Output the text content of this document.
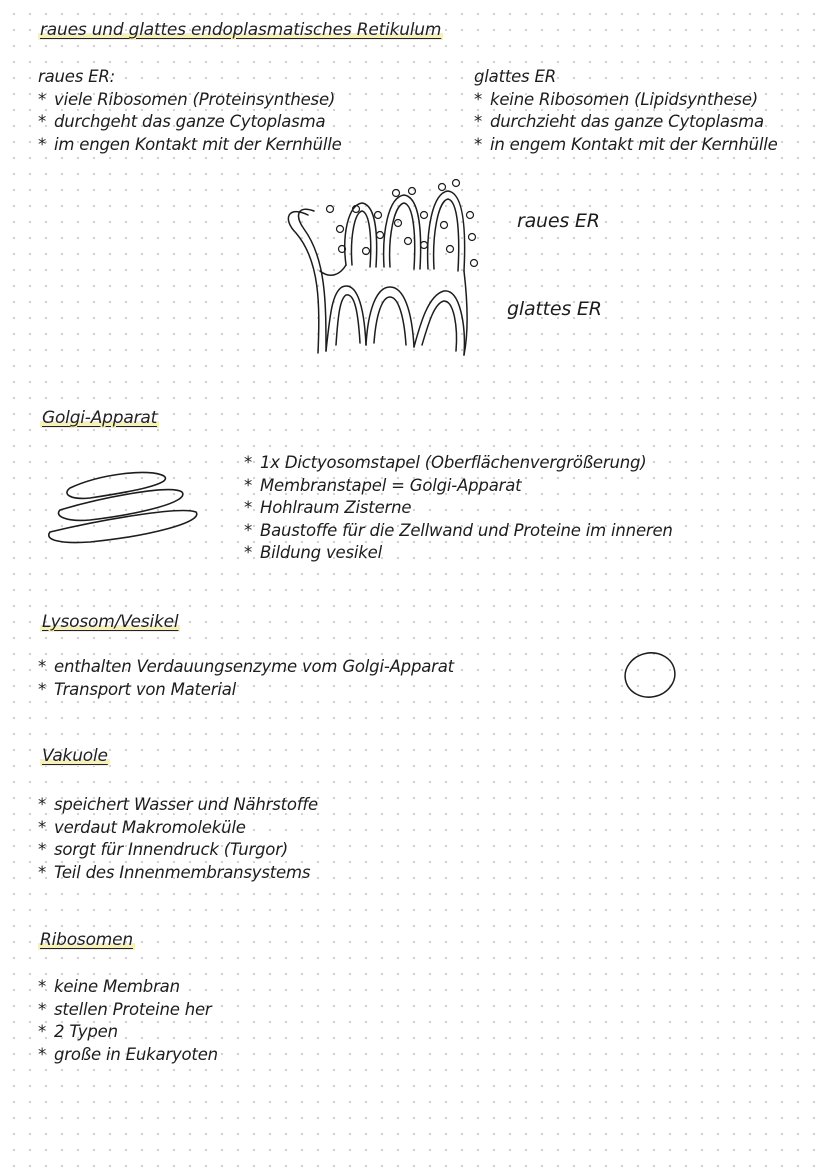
raues und glattes endoplasmatisches Retikulum
raues ER:
* viele Ribosomen (Proteinsynthese)
* durchgeht das ganze Cytoplasma
* im engen Kontakt mit der Kernhülle
glattes ER
* keine Ribosomen (Lipidsynthese)
* durchzieht das ganze Cytoplasma
* in engem Kontakt mit der Kernhülle
raues ER
glattes ER
Golgi-Apparat
* 1x Dictyosomstapel (Oberflächenvergrößerung)
* Membranstapel = Golgi-Apparat
* Hohlraum Zisterne
* Baustoffe für die Zellwand und Proteine im inneren
* Bildung vesikel
Lysosom/Vesikel
* enthalten Verdauungsenzyme vom Golgi-Apparat
* Transport von Material
Vakuole
* speichert Wasser und Nährstoffe
* verdaut Makromoleküle
* sorgt für Innendruck (Turgor)
* Teil des Innenmembransystems
Ribosomen
* keine Membran
* stellen Proteine her
* 2 Typen
* große in Eukaryoten
